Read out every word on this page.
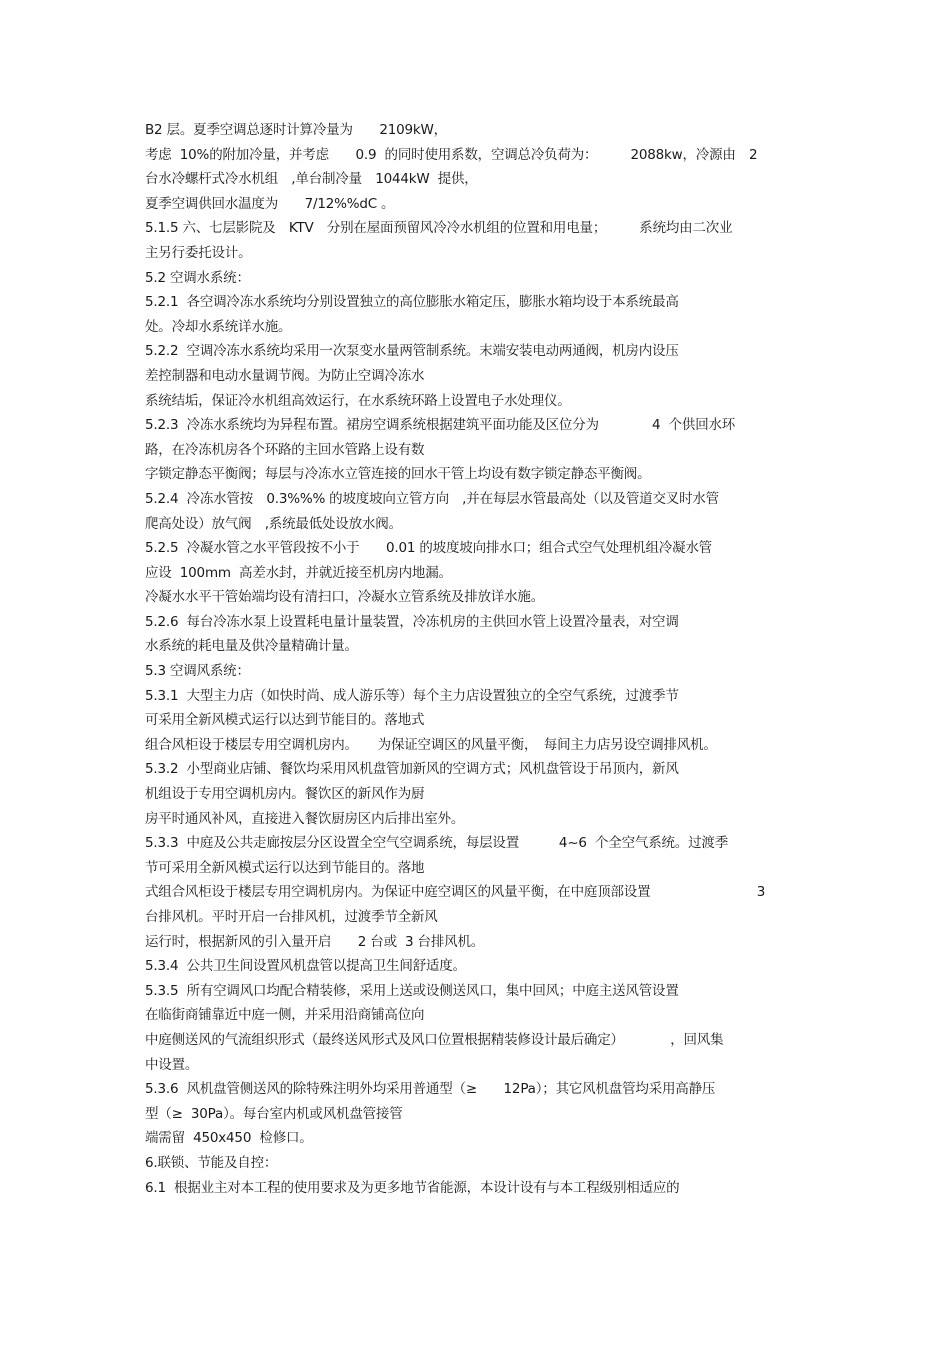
B2 层。夏季空调总逐时计算冷量为　　2109kW，
考虑  10%的附加冷量，并考虑　　0.9  的同时使用系数，空调总冷负荷为：　　　2088kw，冷源由　2
台水冷螺杆式冷水机组　,单台制冷量　1044kW  提供，
夏季空调供回水温度为　　7/12%%dC 。
5.1.5 六、七层影院及　KTV　分别在屋面预留风冷冷水机组的位置和用电量；　　　系统均由二次业
主另行委托设计。
5.2 空调水系统：
5.2.1  各空调冷冻水系统均分别设置独立的高位膨胀水箱定压，膨胀水箱均设于本系统最高
处。冷却水系统详水施。
5.2.2  空调冷冻水系统均采用一次泵变水量两管制系统。末端安装电动两通阀，机房内设压
差控制器和电动水量调节阀。为防止空调冷冻水
系统结垢，保证冷水机组高效运行，在水系统环路上设置电子水处理仪。
5.2.3  冷冻水系统均为异程布置。裙房空调系统根据建筑平面功能及区位分为　　　　4  个供回水环
路，在冷冻机房各个环路的主回水管路上设有数
字锁定静态平衡阀；每层与冷冻水立管连接的回水干管上均设有数字锁定静态平衡阀。
5.2.4  冷冻水管按　0.3%%% 的坡度坡向立管方向　,并在每层水管最高处（以及管道交叉时水管
爬高处设）放气阀　,系统最低处设放水阀。
5.2.5  冷凝水管之水平管段按不小于　　0.01 的坡度坡向排水口；组合式空气处理机组冷凝水管
应设  100mm  高差水封，并就近接至机房内地漏。
冷凝水水平干管始端均设有清扫口，冷凝水立管系统及排放详水施。
5.2.6  每台冷冻水泵上设置耗电量计量装置，冷冻机房的主供回水管上设置冷量表，对空调
水系统的耗电量及供冷量精确计量。
5.3 空调风系统：
5.3.1  大型主力店（如快时尚、成人游乐等）每个主力店设置独立的全空气系统，过渡季节
可采用全新风模式运行以达到节能目的。落地式
组合风柜设于楼层专用空调机房内。　　为保证空调区的风量平衡，　每间主力店另设空调排风机。
5.3.2  小型商业店铺、餐饮均采用风机盘管加新风的空调方式；风机盘管设于吊顶内，新风
机组设于专用空调机房内。餐饮区的新风作为厨
房平时通风补风，直接进入餐饮厨房区内后排出室外。
5.3.3  中庭及公共走廊按层分区设置全空气空调系统，每层设置　　　4~6  个全空气系统。过渡季
节可采用全新风模式运行以达到节能目的。落地
式组合风柜设于楼层专用空调机房内。为保证中庭空调区的风量平衡，在中庭顶部设置　　　　　　　　3
台排风机。平时开启一台排风机，过渡季节全新风
运行时，根据新风的引入量开启　　2 台或  3 台排风机。
5.3.4  公共卫生间设置风机盘管以提高卫生间舒适度。
5.3.5  所有空调风口均配合精装修，采用上送或设侧送风口，集中回风；中庭主送风管设置
在临街商铺靠近中庭一侧，并采用沿商铺高位向
中庭侧送风的气流组织形式（最终送风形式及风口位置根据精装修设计最后确定）　　　　，回风集
中设置。
5.3.6  风机盘管侧送风的除特殊注明外均采用普通型（≥　　12Pa）；其它风机盘管均采用高静压
型（≥  30Pa）。每台室内机或风机盘管接管
端需留  450x450  检修口。
6.联锁、节能及自控：
6.1  根据业主对本工程的使用要求及为更多地节省能源，本设计设有与本工程级别相适应的
